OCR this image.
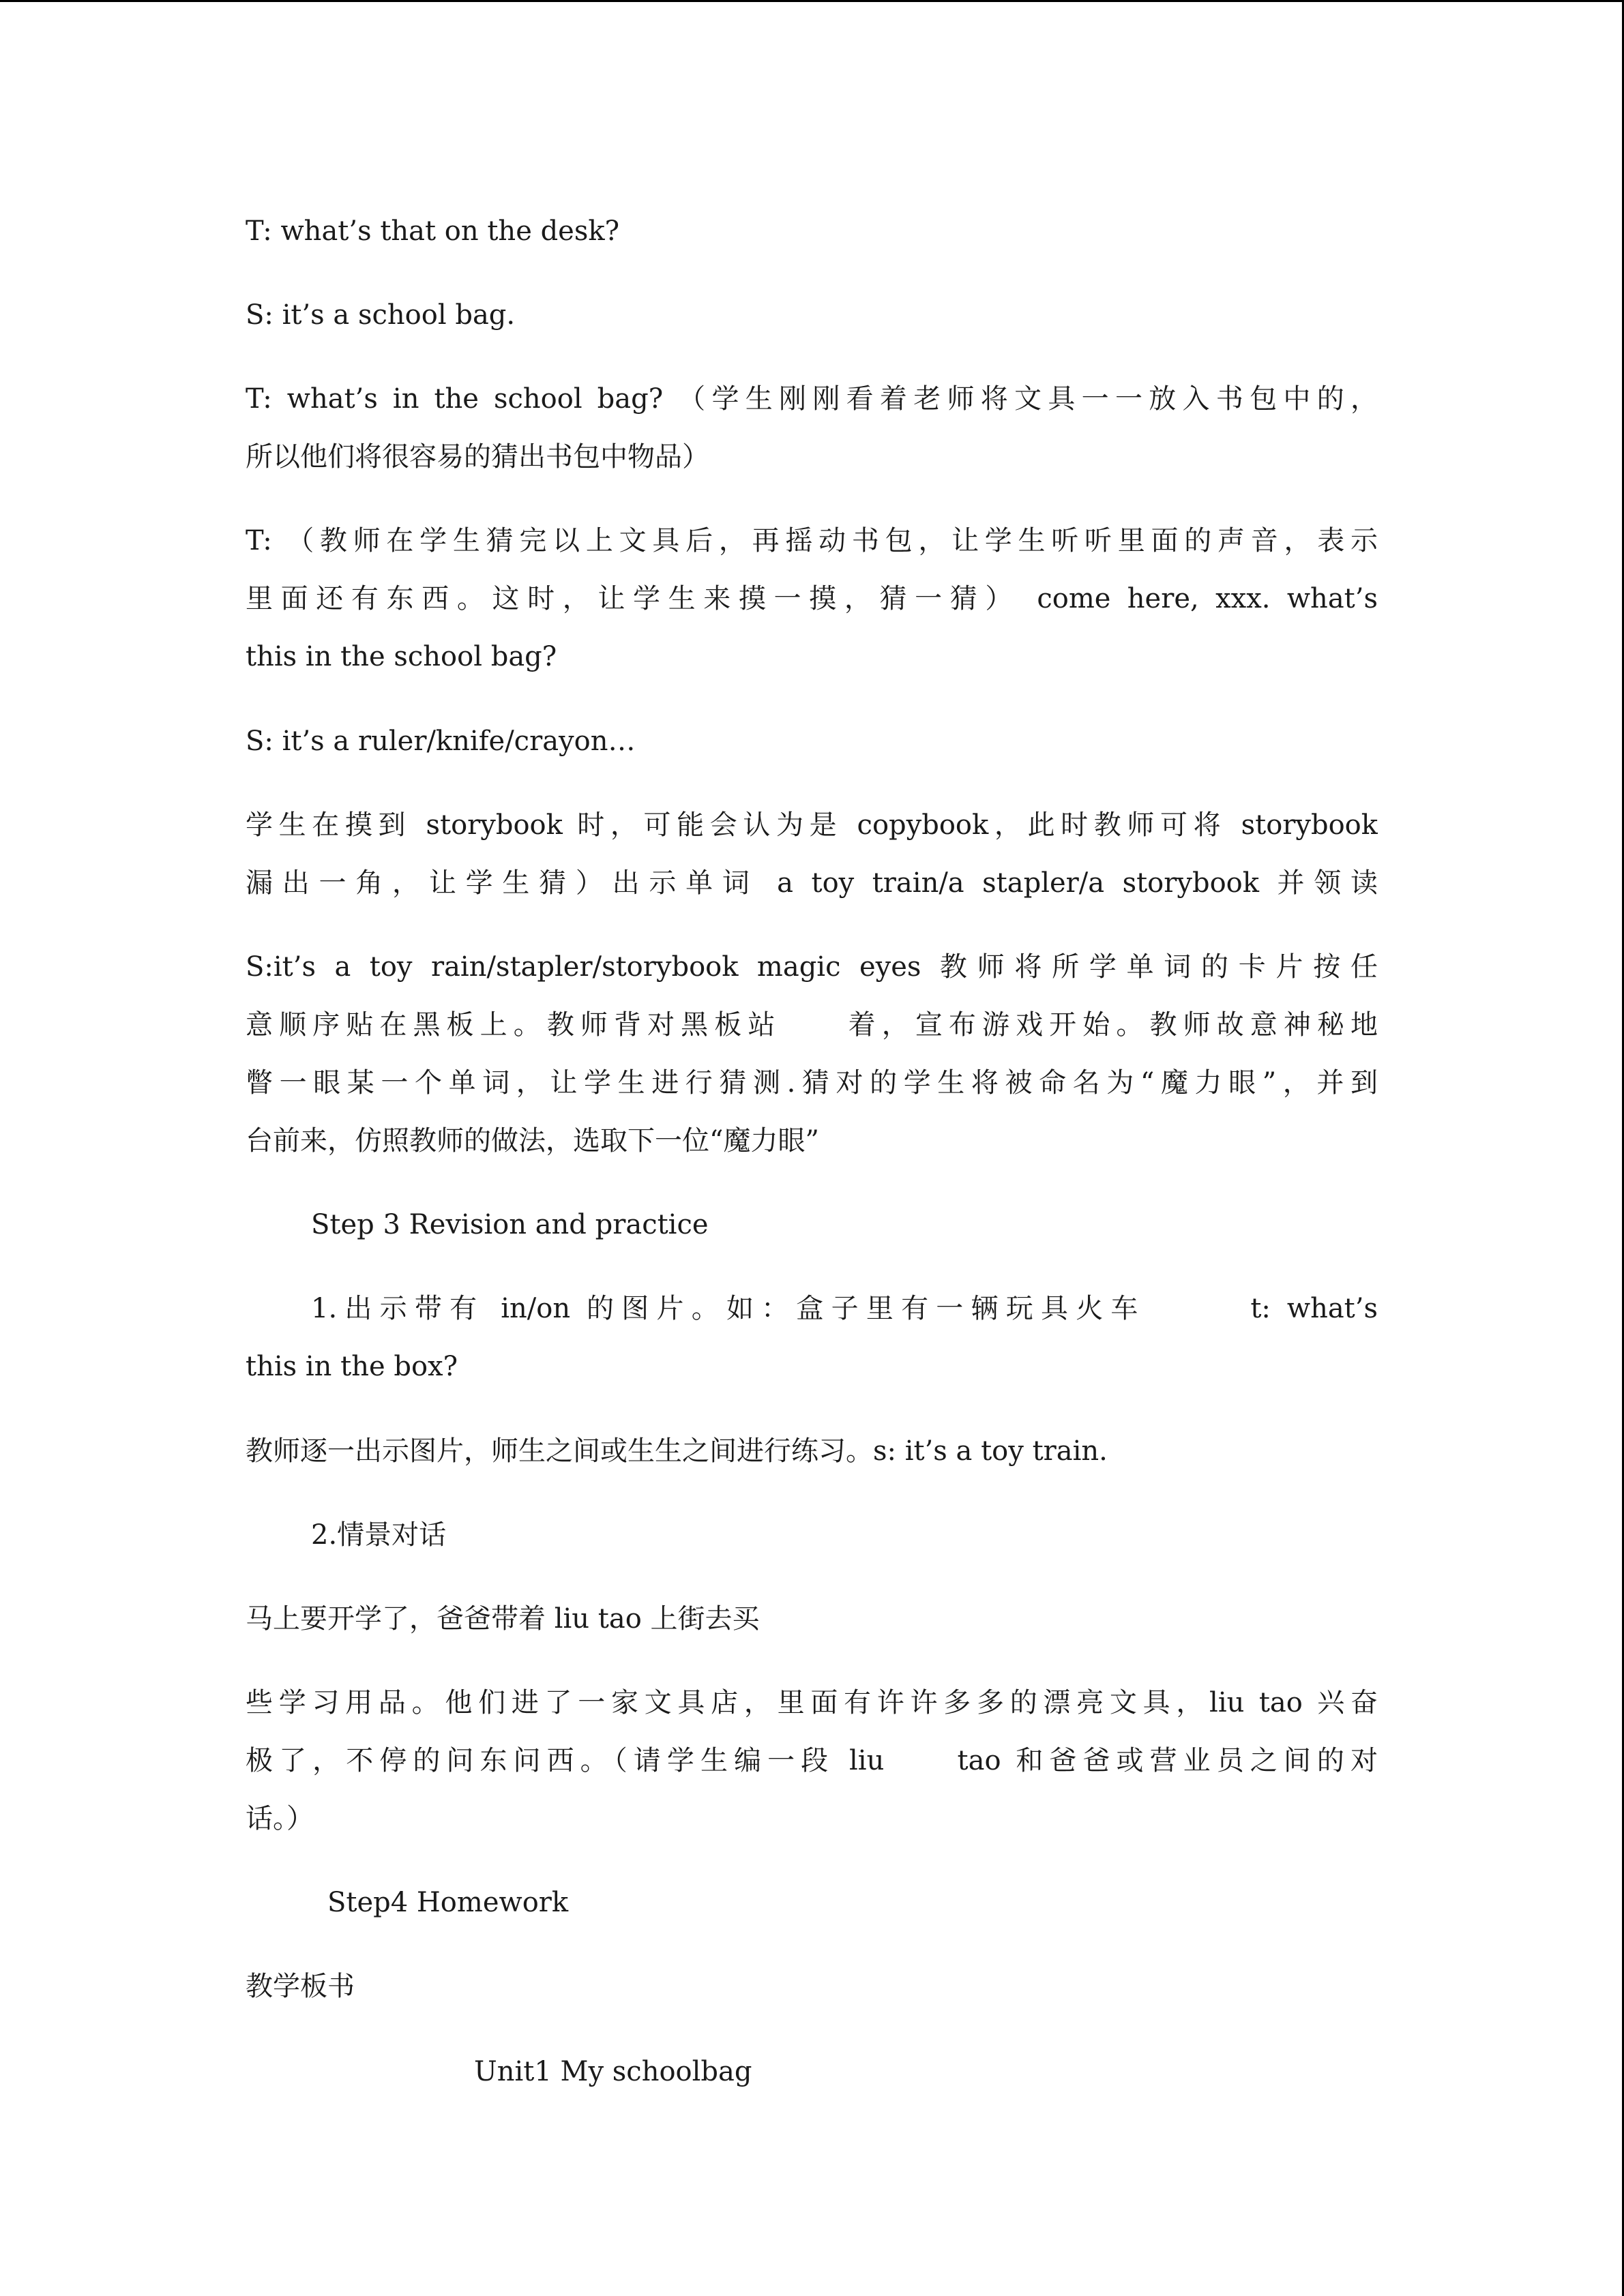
T: what’s that on the desk?
S: it’s a school bag.
T: what’s in the school bag? （学生刚刚看着老师将文具一一放入书包中的，
所以他们将很容易的猜出书包中物品）
T: （教师在学生猜完以上文具后，再摇动书包，让学生听听里面的声音，表示
里面还有东西。这时，让学生来摸一摸，猜一猜） come here, xxx. what’s
this in the school bag?
S: it’s a ruler/knife/crayon…
学生在摸到 storybook 时，可能会认为是 copybook，此时教师可将 storybook
漏出一角，让学生猜）出示单词 a toy train/a stapler/a storybook 并领读
S:it’s a toy rain/stapler/storybook magic eyes 教师将所学单词的卡片按任
意顺序贴在黑板上。教师背对黑板站　　着，宣布游戏开始。教师故意神秘地
瞥一眼某一个单词，让学生进行猜测.猜对的学生将被命名为“魔力眼”，并到
台前来，仿照教师的做法，选取下一位“魔力眼”
Step 3 Revision and practice
1.出示带有 in/on 的图片。如：盒子里有一辆玩具火车　　　t: what’s
this in the box?
教师逐一出示图片，师生之间或生生之间进行练习。s: it’s a toy train.
2.情景对话
马上要开学了，爸爸带着 liu tao 上街去买
些学习用品。他们进了一家文具店，里面有许许多多的漂亮文具，liu tao 兴奋
极了，不停的问东问西。（请学生编一段 liu　　tao 和爸爸或营业员之间的对
话。）
Step4 Homework
教学板书
Unit1 My schoolbag
